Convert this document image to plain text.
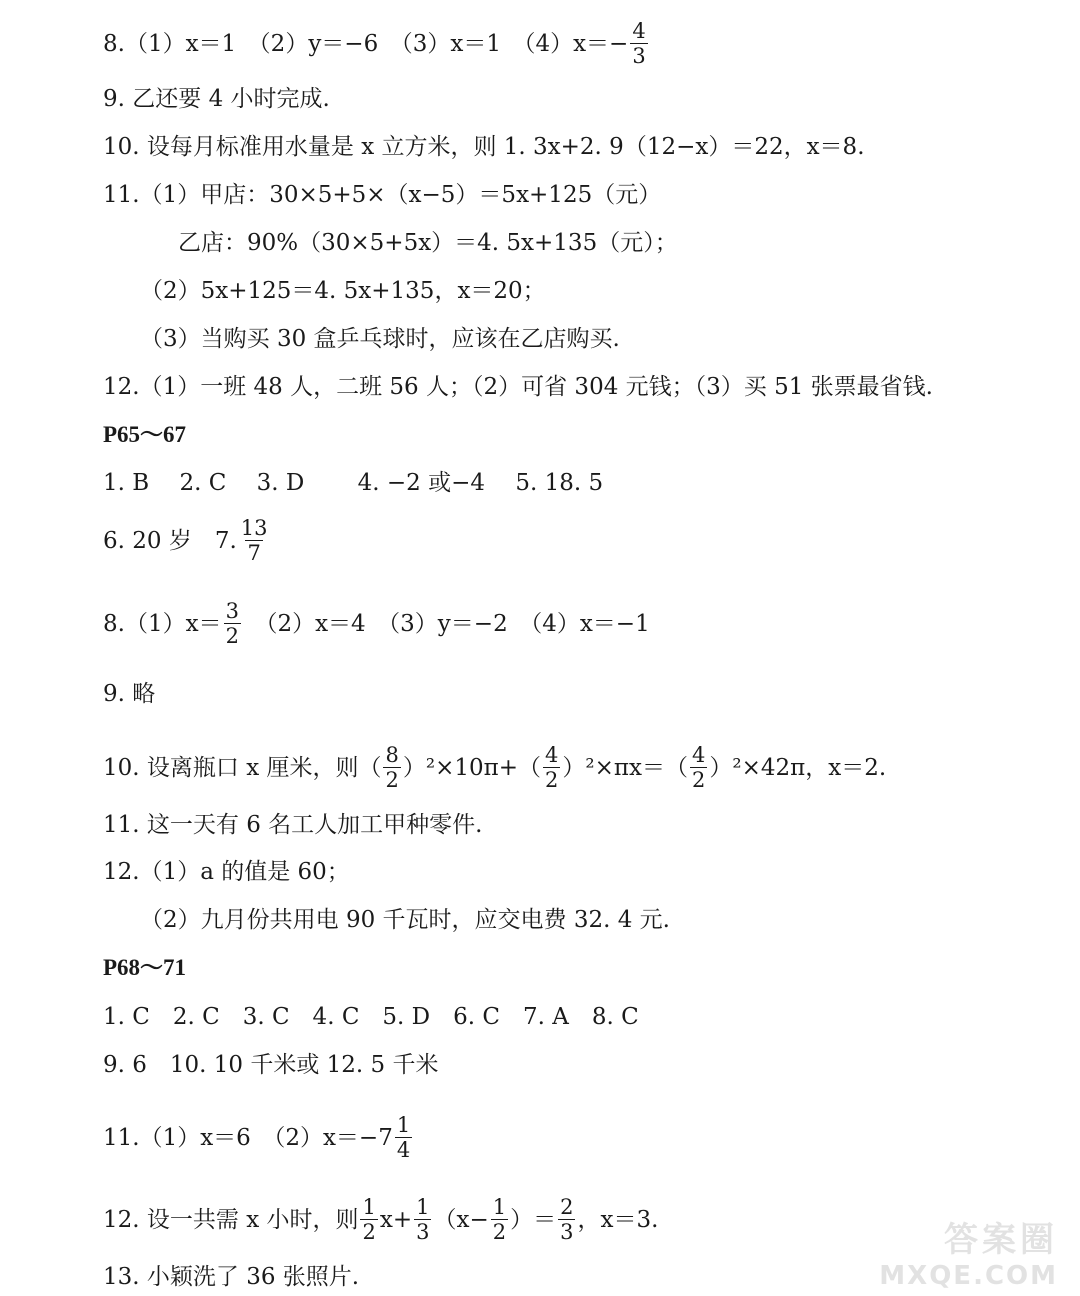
8.（1）x＝1　（2）y＝−6　（3）x＝1　$(4)x=- \frac{4}{3}$
9. 乙还要 4 小时完成.
10. 设每月标准用水量是 x 立方米，则 1. 3x+2. 9（12−x）＝22，x＝8.
11.（1）甲店：30×5+5×（x−5）＝5x+125（元）
乙店：90%（30×5+5x）＝4. 5x+135（元）；
（2）5x+125＝4. 5x+135，x＝20；
（3）当购买 30 盒乒乓球时，应该在乙店购买.
12.（1）一班 48 人，二班 56 人；（2）可省 304 元钱；（3）买 51 张票最省钱.
P65～67
1. B　 2. C　 3. D　　 4. −2 或−4　 5. 18. 5
6. 20 岁　7. $\frac{13}{7}$
$8.(1)x= \frac{3}{2}$ 　（2）x＝4　（3）y＝−2　（4）x＝−1
9. 略
10. 设离瓶口 x 厘米，则（ $\frac{8}{2} )^2\times 10\pi+( \frac{4}{2} )^2\times\pi x=( \frac{4}{2} )^2\times 42\pi$，x＝2.
11. 这一天有 6 名工人加工甲种零件.
12.（1）a 的值是 60；
（2）九月份共用电 90 千瓦时，应交电费 32. 4 元.
P68～71
1. C　2. C　3. C　4. C　5. D　6. C　7. A　8. C
9. 6　10. 10 千米或 12. 5 千米
11.（1）x＝6　$(2)x=-7 \frac{1}{4}$
12. 设一共需 x 小时，则 $\frac{1}{2} x+ \frac{1}{3} (x- \frac{1}{2}$ ）＝ $\frac{2}{3}$ ，x＝3.
13. 小颖洗了 36 张照片.
答案圈
MXQE.COM
